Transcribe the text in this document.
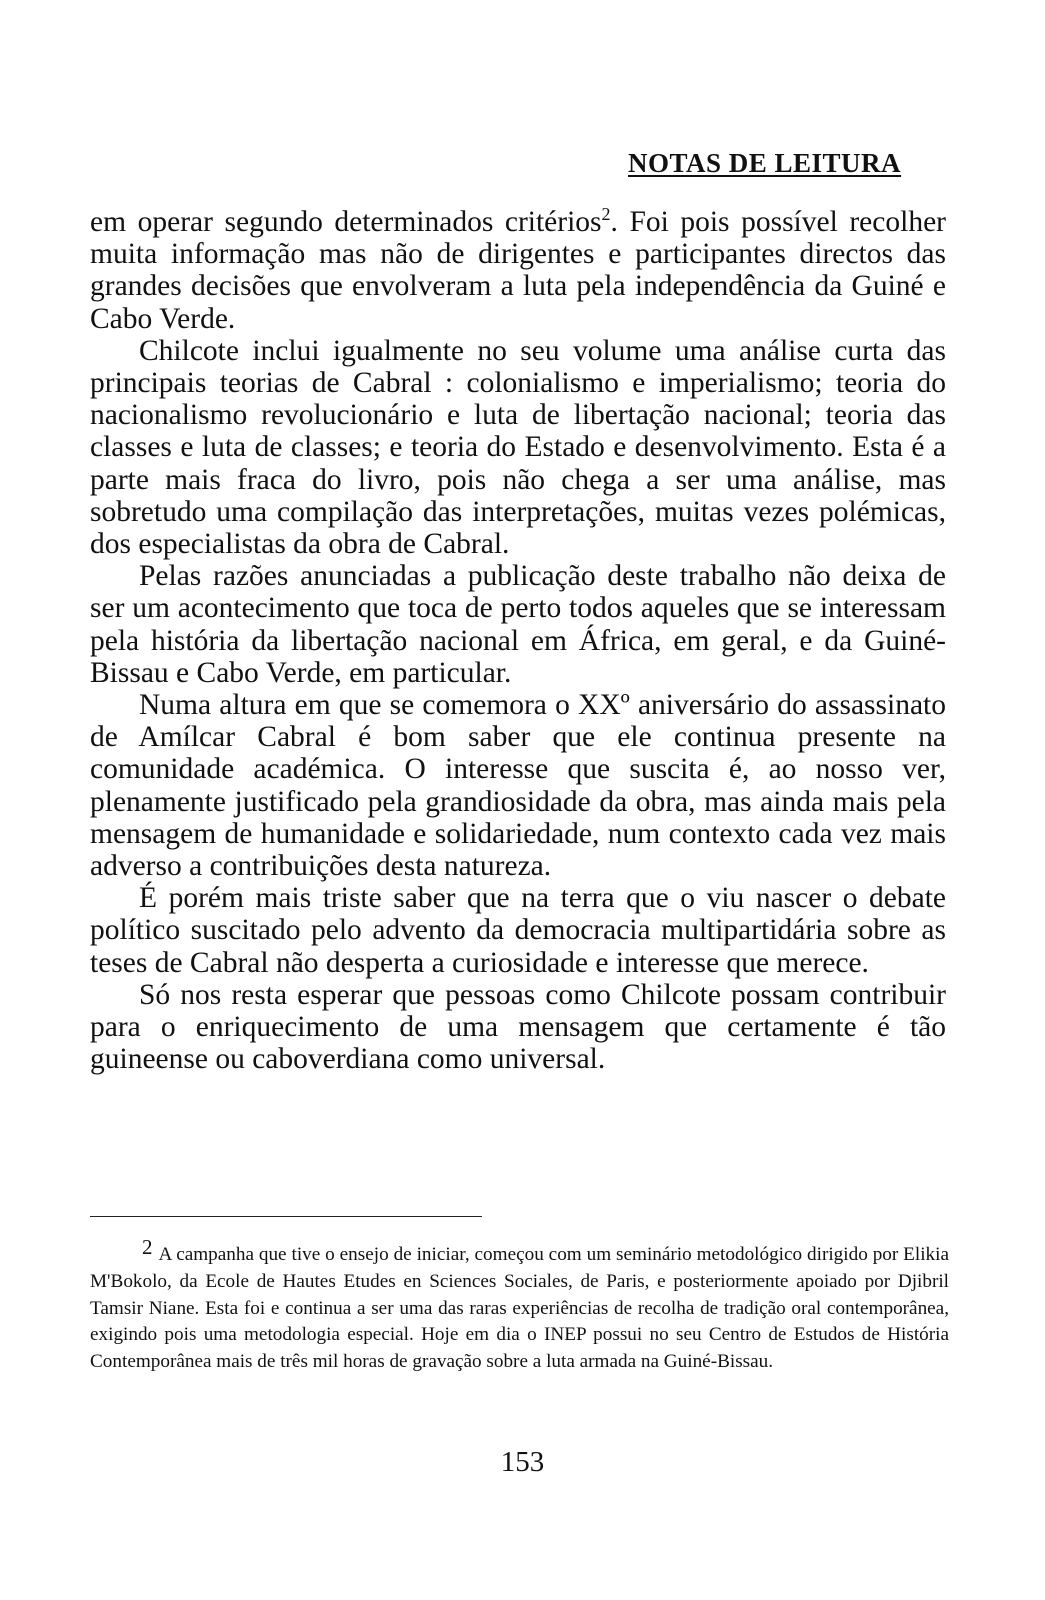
NOTAS DE LEITURA

em operar segundo determinados critérios$^2$. Foi pois possível recolher muita informação mas não de dirigentes e participantes directos das grandes decisões que envolveram a luta pela independência da Guiné e Cabo Verde.

Chilcote inclui igualmente no seu volume uma análise curta das principais teorias de Cabral : colonialismo e imperialismo; teoria do nacionalismo revolucionário e luta de libertação nacional; teoria das classes e luta de classes; e teoria do Estado e desenvolvimento. Esta é a parte mais fraca do livro, pois não chega a ser uma análise, mas sobretudo uma compilação das interpretações, muitas vezes polémicas, dos especialistas da obra de Cabral.

Pelas razões anunciadas a publicação deste trabalho não deixa de ser um acontecimento que toca de perto todos aqueles que se interessam pela história da libertação nacional em África, em geral, e da Guiné-Bissau e Cabo Verde, em particular.

Numa altura em que se comemora o XXº aniversário do assassinato de Amílcar Cabral é bom saber que ele continua presente na comunidade académica. O interesse que suscita é, ao nosso ver, plenamente justificado pela grandiosidade da obra, mas ainda mais pela mensagem de humanidade e solidariedade, num contexto cada vez mais adverso a contribuições desta natureza.

É porém mais triste saber que na terra que o viu nascer o debate político suscitado pelo advento da democracia multipartidária sobre as teses de Cabral não desperta a curiosidade e interesse que merece.

Só nos resta esperar que pessoas como Chilcote possam contribuir para o enriquecimento de uma mensagem que certamente é tão guineense ou caboverdiana como universal.

2 A campanha que tive o ensejo de iniciar, começou com um seminário metodológico dirigido por Elikia M'Bokolo, da Ecole de Hautes Etudes en Sciences Sociales, de Paris, e posteriormente apoiado por Djibril Tamsir Niane. Esta foi e continua a ser uma das raras experiências de recolha de tradição oral contemporânea, exigindo pois uma metodologia especial. Hoje em dia o INEP possui no seu Centro de Estudos de História Contemporânea mais de três mil horas de gravação sobre a luta armada na Guiné-Bissau.
153
